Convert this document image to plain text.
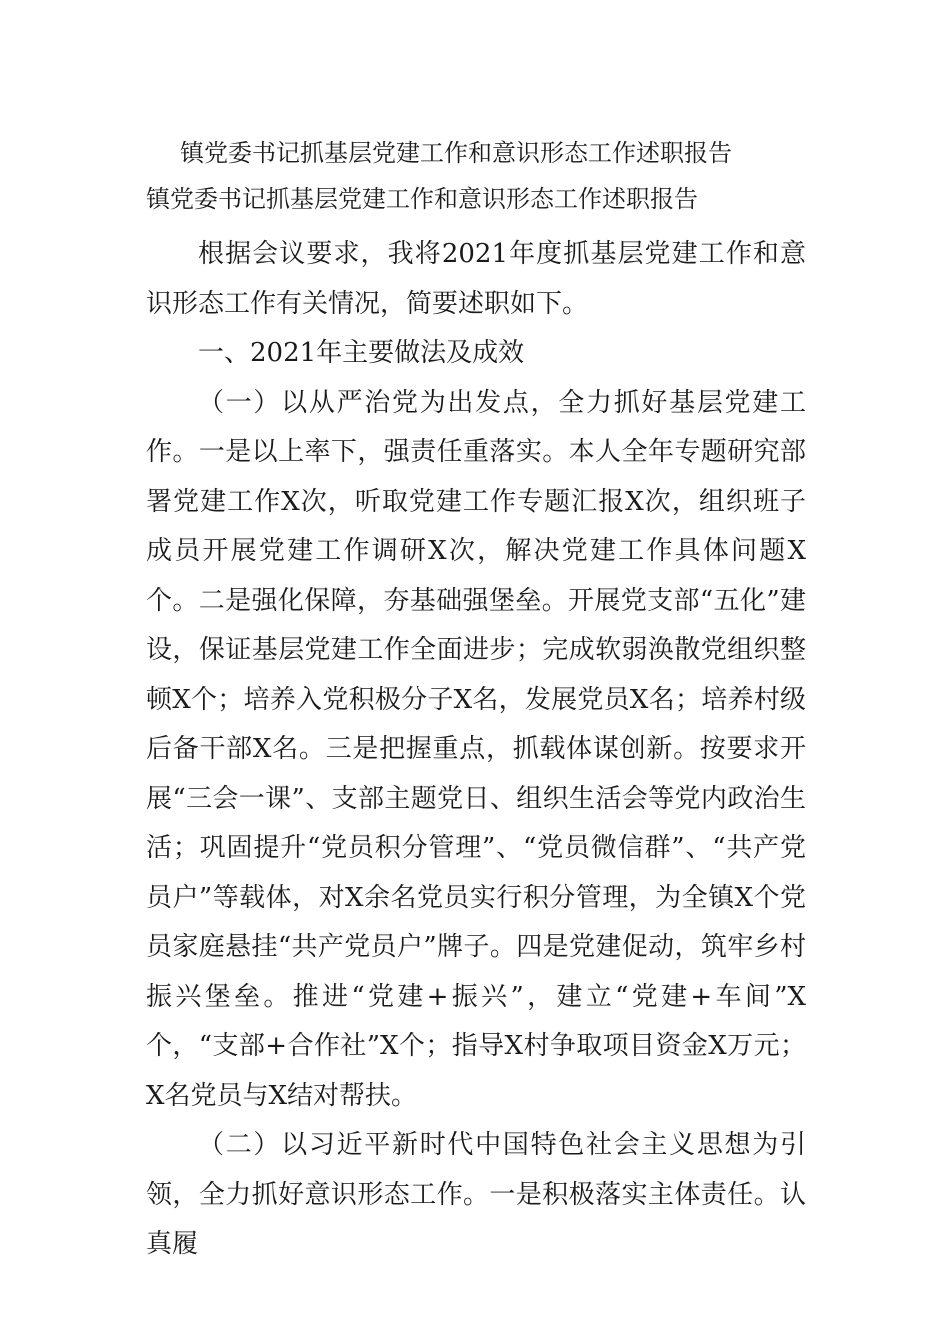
镇党委书记抓基层党建工作和意识形态工作述职报告

镇党委书记抓基层党建工作和意识形态工作述职报告

根据会议要求，我将2021年度抓基层党建工作和意识形态工作有关情况，简要述职如下。

一、2021年主要做法及成效

（一）以从严治党为出发点，全力抓好基层党建工作。一是以上率下，强责任重落实。本人全年专题研究部署党建工作X次，听取党建工作专题汇报X次，组织班子成员开展党建工作调研X次，解决党建工作具体问题X个。二是强化保障，夯基础强堡垒。开展党支部“五化”建设，保证基层党建工作全面进步；完成软弱涣散党组织整顿X个；培养入党积极分子X名，发展党员X名；培养村级后备干部X名。三是把握重点，抓载体谋创新。按要求开展“三会一课”、支部主题党日、组织生活会等党内政治生活；巩固提升“党员积分管理”、“党员微信群”、“共产党员户”等载体，对X余名党员实行积分管理，为全镇X个党员家庭悬挂“共产党员户”牌子。四是党建促动，筑牢乡村振兴堡垒。推进“党建+振兴”，建立“党建+车间”X个，“支部+合作社”X个；指导X村争取项目资金X万元；X名党员与X结对帮扶。

（二）以习近平新时代中国特色社会主义思想为引领，全力抓好意识形态工作。一是积极落实主体责任。认真履
